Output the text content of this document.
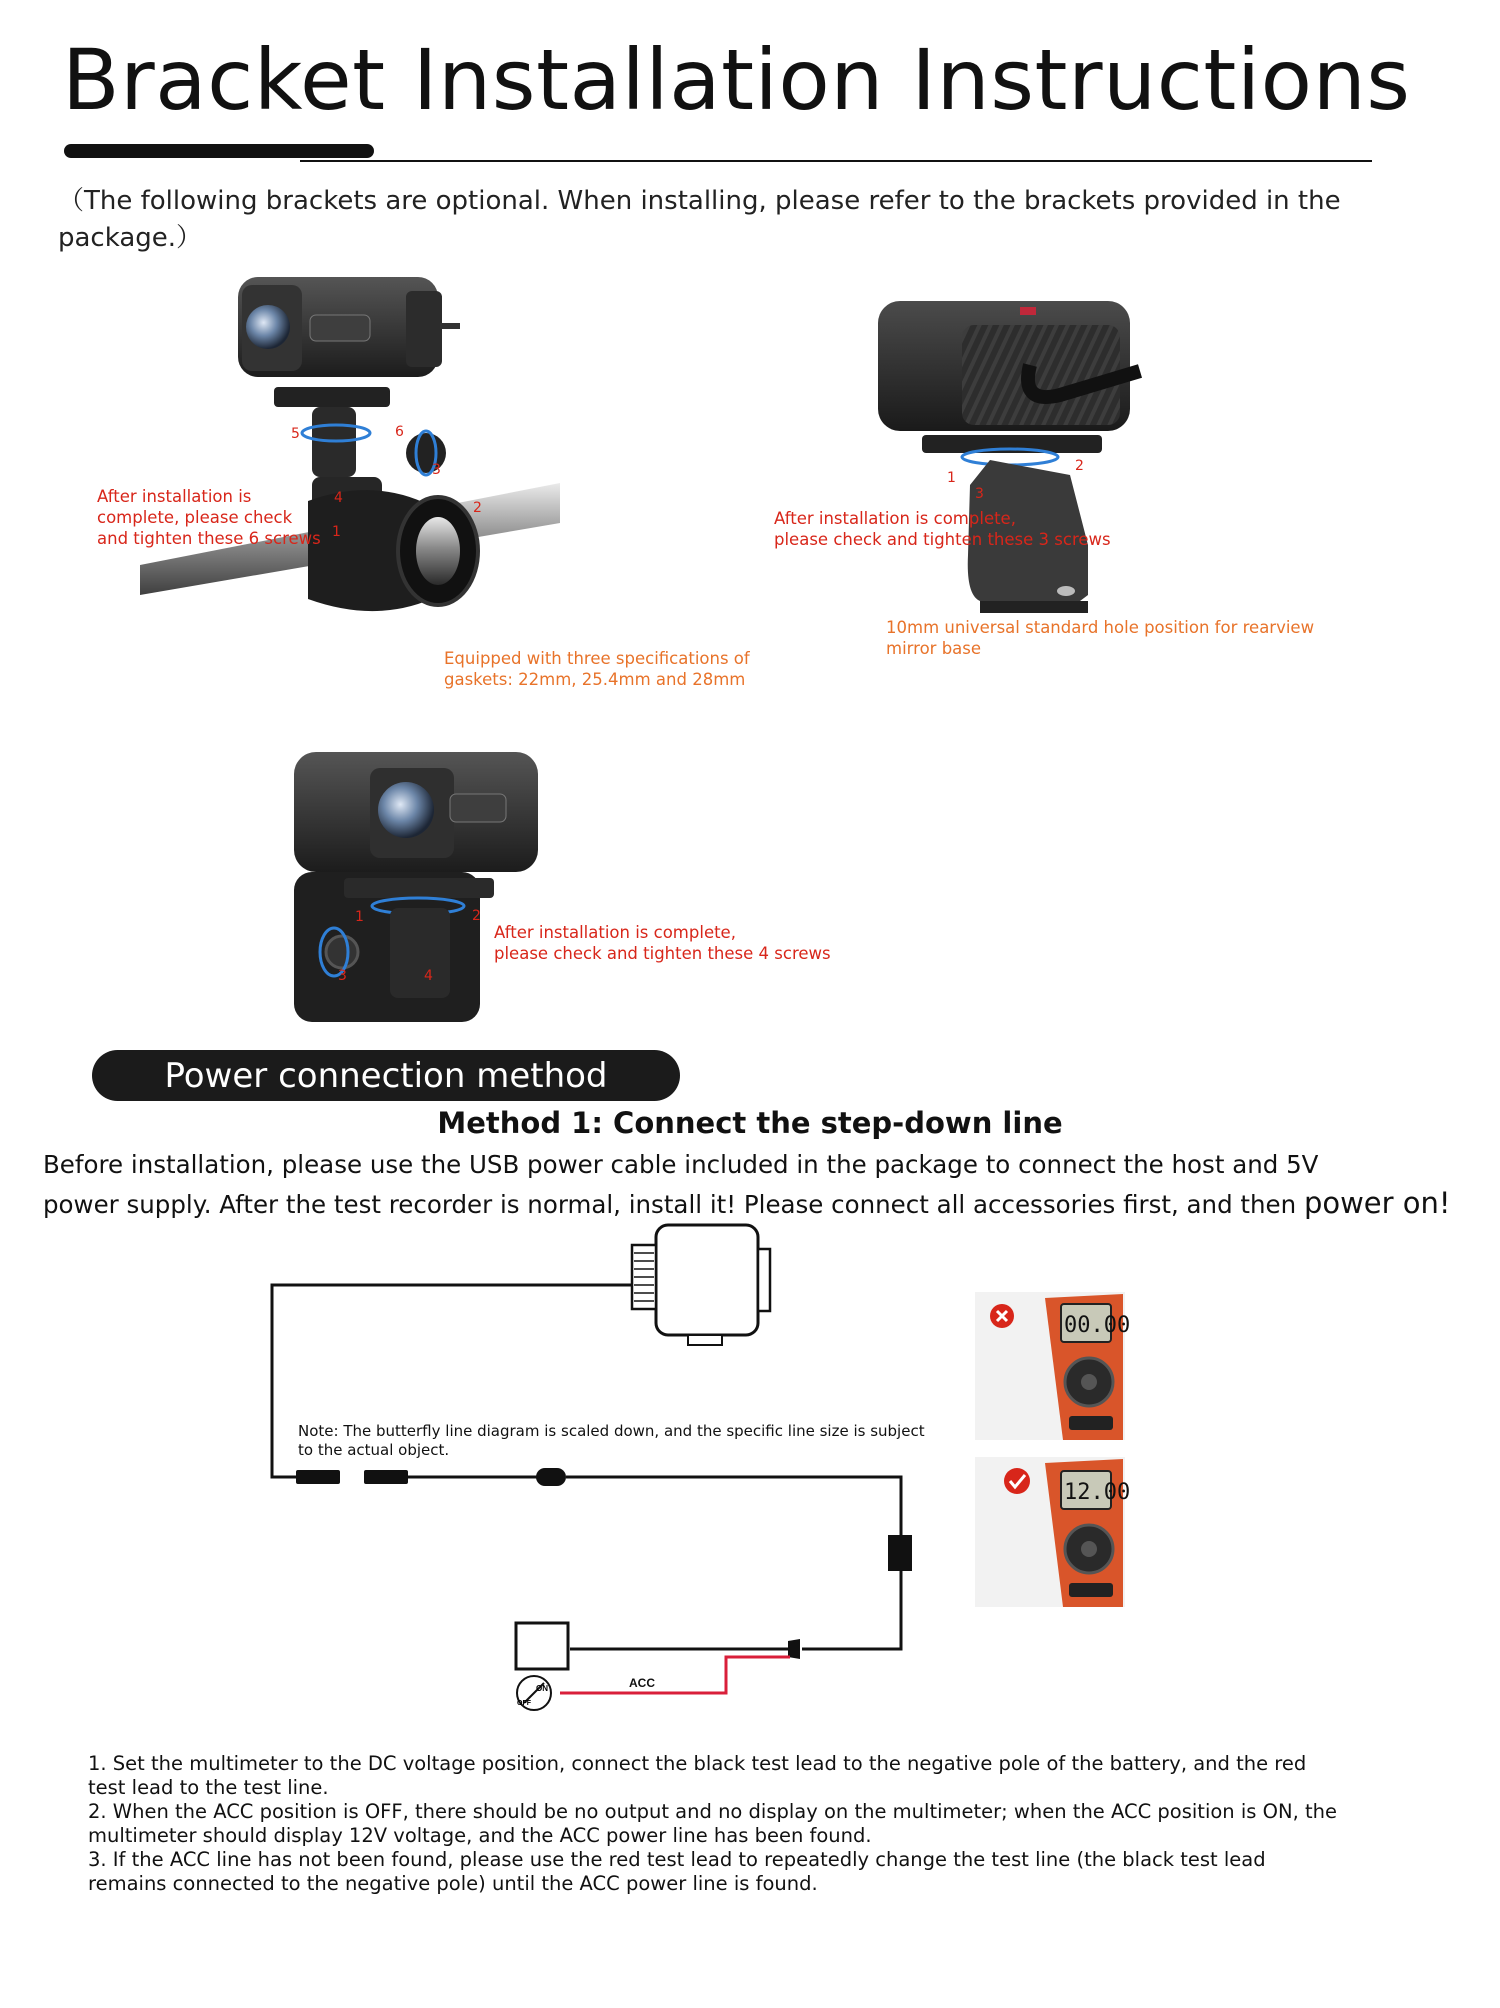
Bracket Installation Instructions
（The following brackets are optional. When installing, please refer to the brackets provided in the package.）
5	6
3
4
2
1
After installation is
complete, please check
and tighten these 6 screws
Equipped with three specifications of
gaskets: 22mm, 25.4mm and 28mm
1
2
3
After installation is complete,
please check and tighten these 3 screws
10mm universal standard hole position for rearview
mirror base
1	2
3	4
After installation is complete,
please check and tighten these 4 screws
Power connection method
Method 1: Connect the step-down line
Before installation, please use the USB power cable included in the package to connect the host and 5V
power supply. After the test recorder is normal, install it! Please connect all accessories first, and then power on!
ON
OFF
Note: The butterfly line diagram is scaled down, and the specific line size is subject to the actual object.
ACC
00.00
12.00

1. Set the multimeter to the DC voltage position, connect the black test lead to the negative pole of the battery, and the red test lead to the test line.

2. When the ACC position is OFF, there should be no output and no display on the multimeter; when the ACC position is ON, the multimeter should display 12V voltage, and the ACC power line has been found.

3. If the ACC line has not been found, please use the red test lead to repeatedly change the test line (the black test lead remains connected to the negative pole) until the ACC power line is found.
